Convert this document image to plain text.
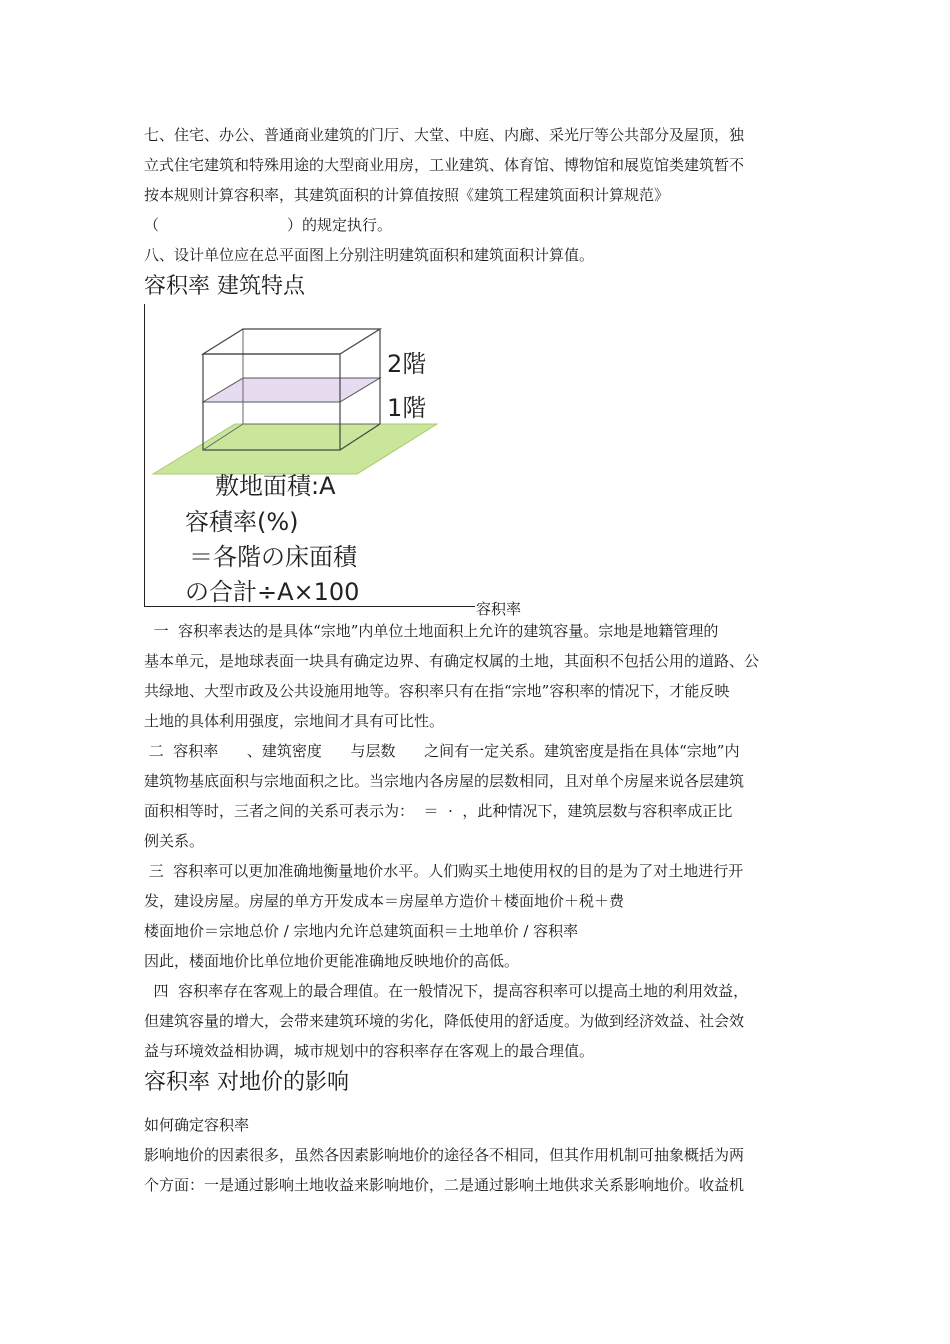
七、住宅、办公、普通商业建筑的门厅、大堂、中庭、内廊、采光厅等公共部分及屋顶，独

立式住宅建筑和特殊用途的大型商业用房，工业建筑、体育馆、博物馆和展览馆类建筑暂不

按本规则计算容积率，其建筑面积的计算值按照《建筑工程建筑面积计算规范》

（	）的规定执行。

八、设计单位应在总平面图上分别注明建筑面积和建筑面积计算值。

容积率 建筑特点
2階
1階
敷地面積:A
容積率(%)
＝各階の床面積
の合計÷A×100
容积率

一  容积率表达的是具体“宗地”内单位土地面积上允许的建筑容量。宗地是地籍管理的

基本单元，是地球表面一块具有确定边界、有确定权属的土地，其面积不包括公用的道路、公

共绿地、大型市政及公共设施用地等。容积率只有在指“宗地”容积率的情况下，才能反映

土地的具体利用强度，宗地间才具有可比性。

二  容积率      、建筑密度      与层数      之间有一定关系。建筑密度是指在具体“宗地”内

建筑物基底面积与宗地面积之比。当宗地内各房屋的层数相同，且对单个房屋来说各层建筑

面积相等时，三者之间的关系可表示为：  ＝  ·  ，此种情况下，建筑层数与容积率成正比

例关系。

三  容积率可以更加准确地衡量地价水平。人们购买土地使用权的目的是为了对土地进行开

发，建设房屋。房屋的单方开发成本＝房屋单方造价＋楼面地价＋税＋费

楼面地价＝宗地总价 / 宗地内允许总建筑面积＝土地单价 / 容积率

因此，楼面地价比单位地价更能准确地反映地价的高低。

四  容积率存在客观上的最合理值。在一般情况下，提高容积率可以提高土地的利用效益，

但建筑容量的增大，会带来建筑环境的劣化，降低使用的舒适度。为做到经济效益、社会效

益与环境效益相协调，城市规划中的容积率存在客观上的最合理值。

容积率 对地价的影响

如何确定容积率

影响地价的因素很多，虽然各因素影响地价的途径各不相同，但其作用机制可抽象概括为两

个方面：一是通过影响土地收益来影响地价，二是通过影响土地供求关系影响地价。收益机
